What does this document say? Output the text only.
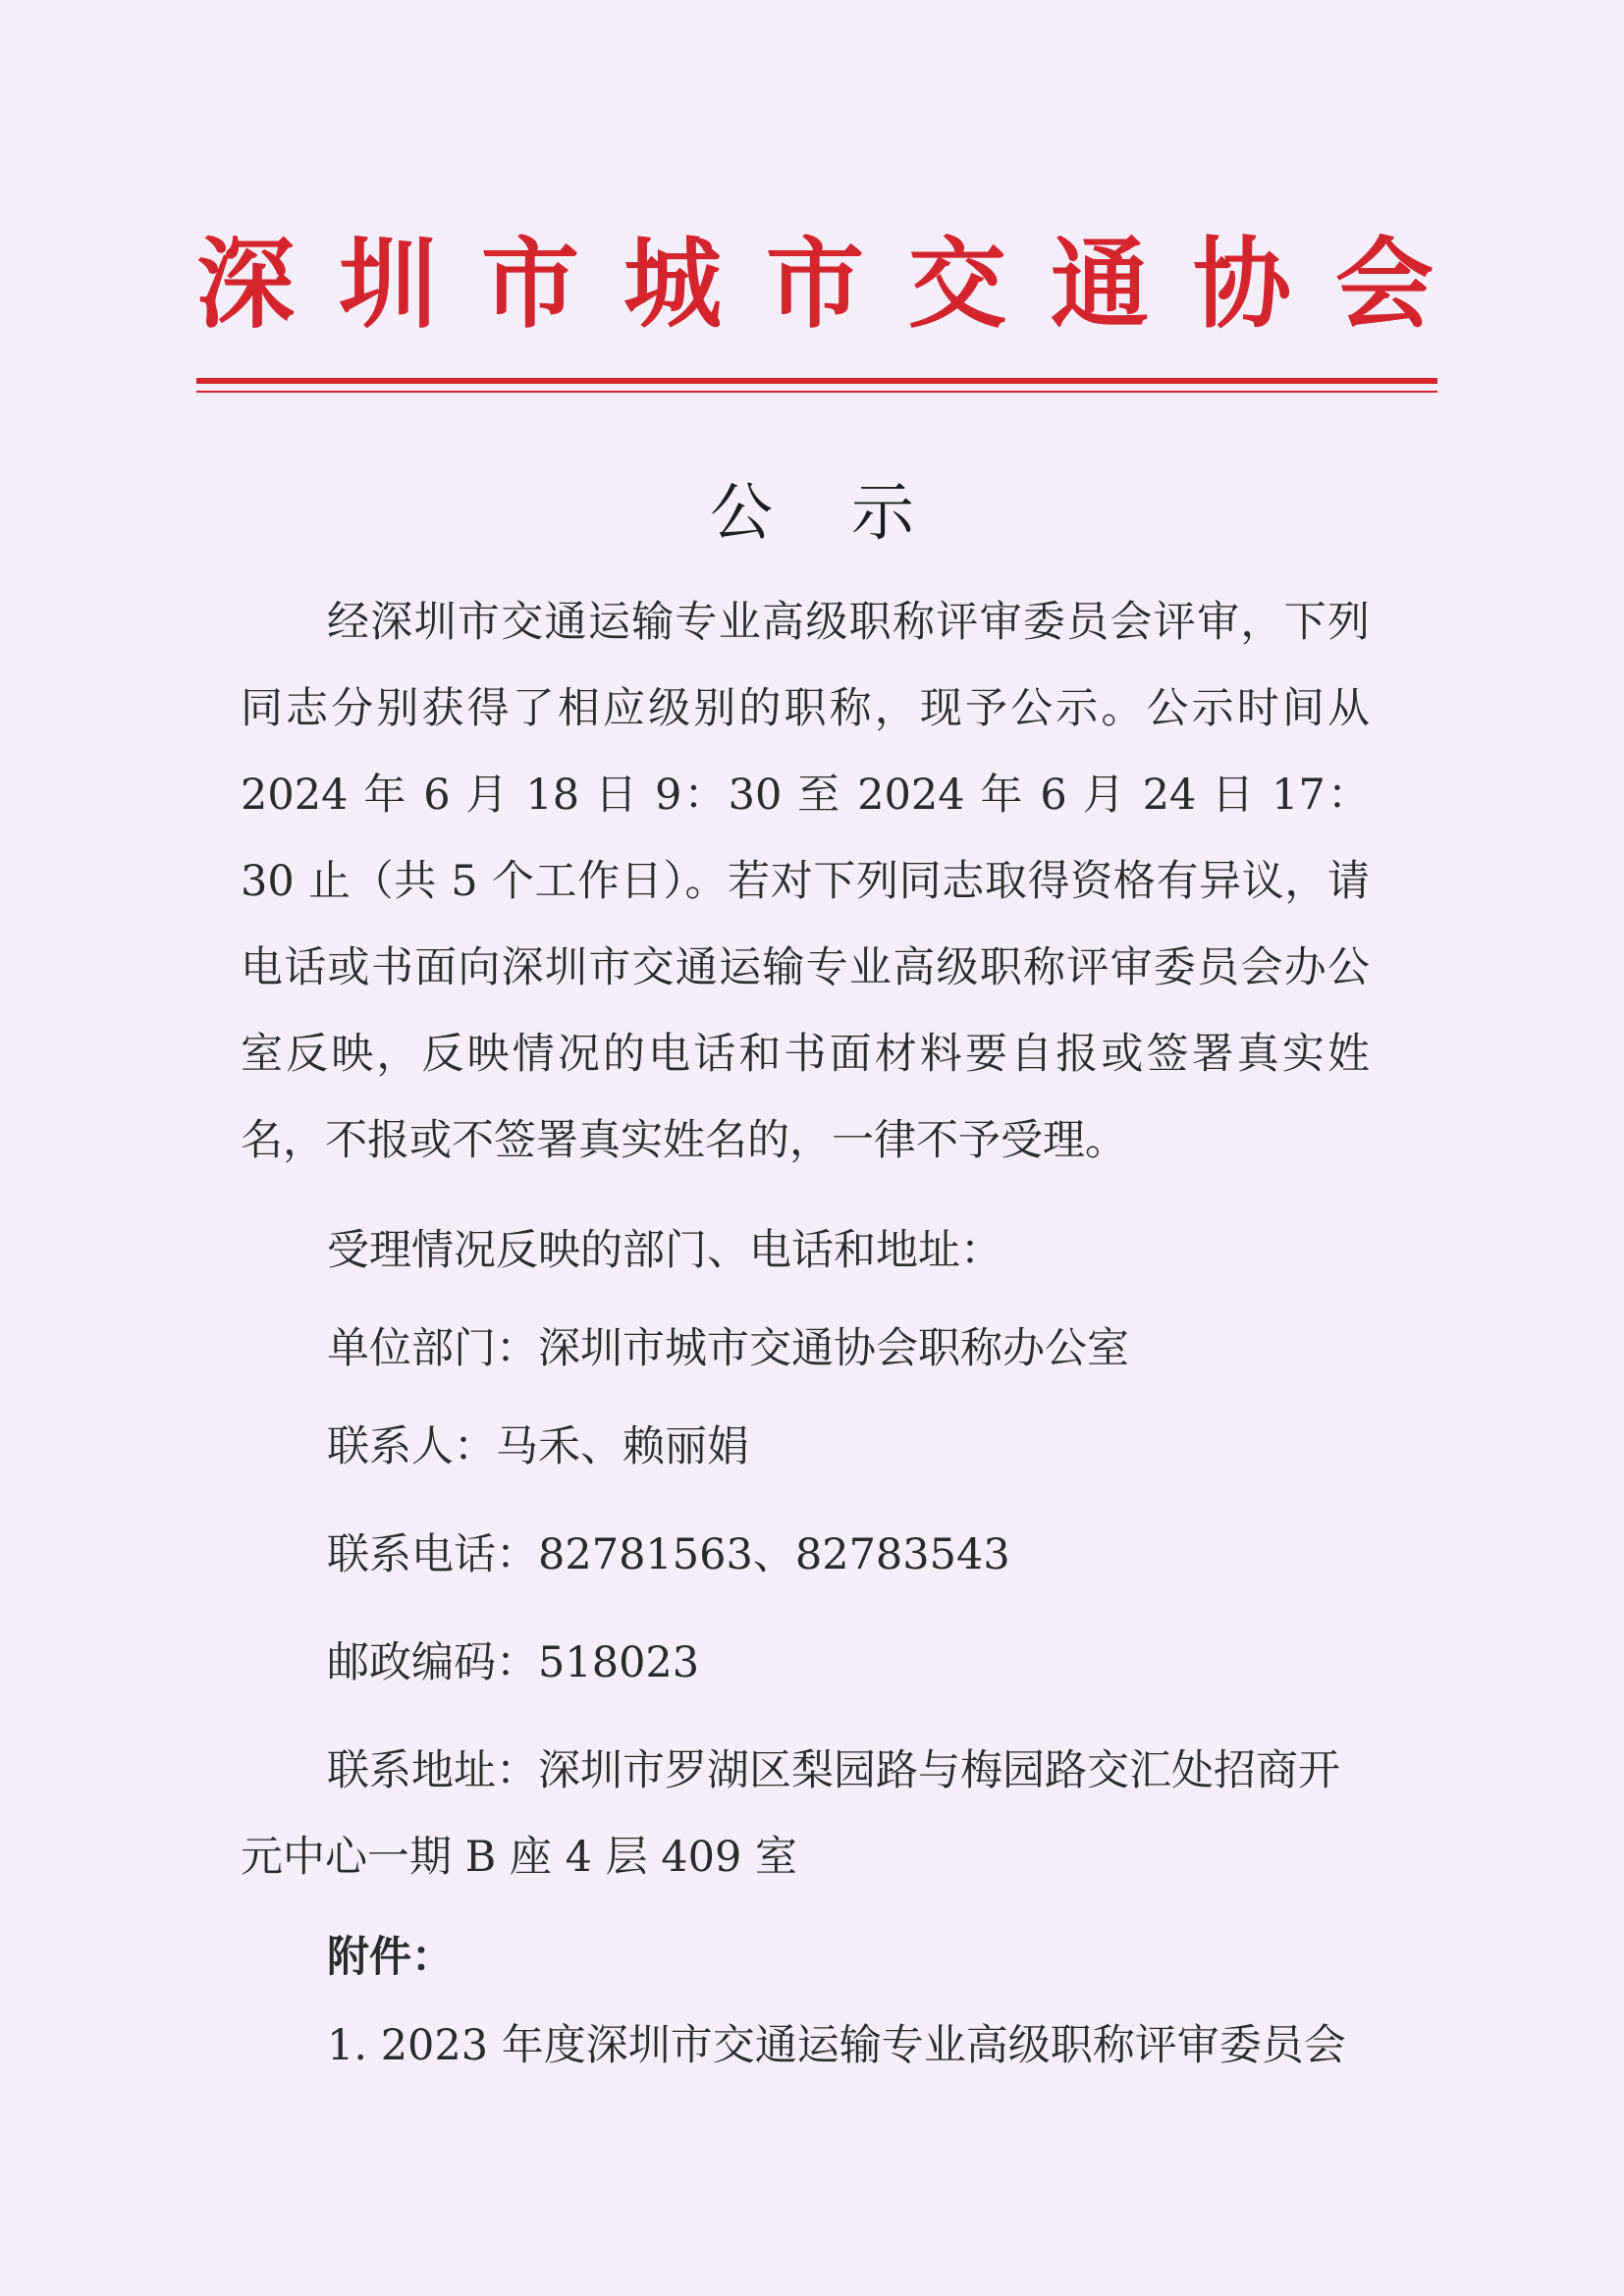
深 圳 市 城 市 交 通 协 会
公示
经深圳市交通运输专业高级职称评审委员会评审，下列同志分别获得了相应级别的职称，现予公示。公示时间从2024 年 6 月 18 日 9：30 至 2024 年 6 月 24 日 17：30 止（共 5 个工作日）。若对下列同志取得资格有异议，请电话或书面向深圳市交通运输专业高级职称评审委员会办公室反映，反映情况的电话和书面材料要自报或签署真实姓名，不报或不签署真实姓名的，一律不予受理。
受理情况反映的部门、电话和地址：
单位部门：深圳市城市交通协会职称办公室
联系人：马禾、赖丽娟
联系电话：82781563、82783543
邮政编码：518023
联系地址：深圳市罗湖区梨园路与梅园路交汇处招商开
元中心一期 B 座 4 层 409 室
附件：
1. 2023 年度深圳市交通运输专业高级职称评审委员会
